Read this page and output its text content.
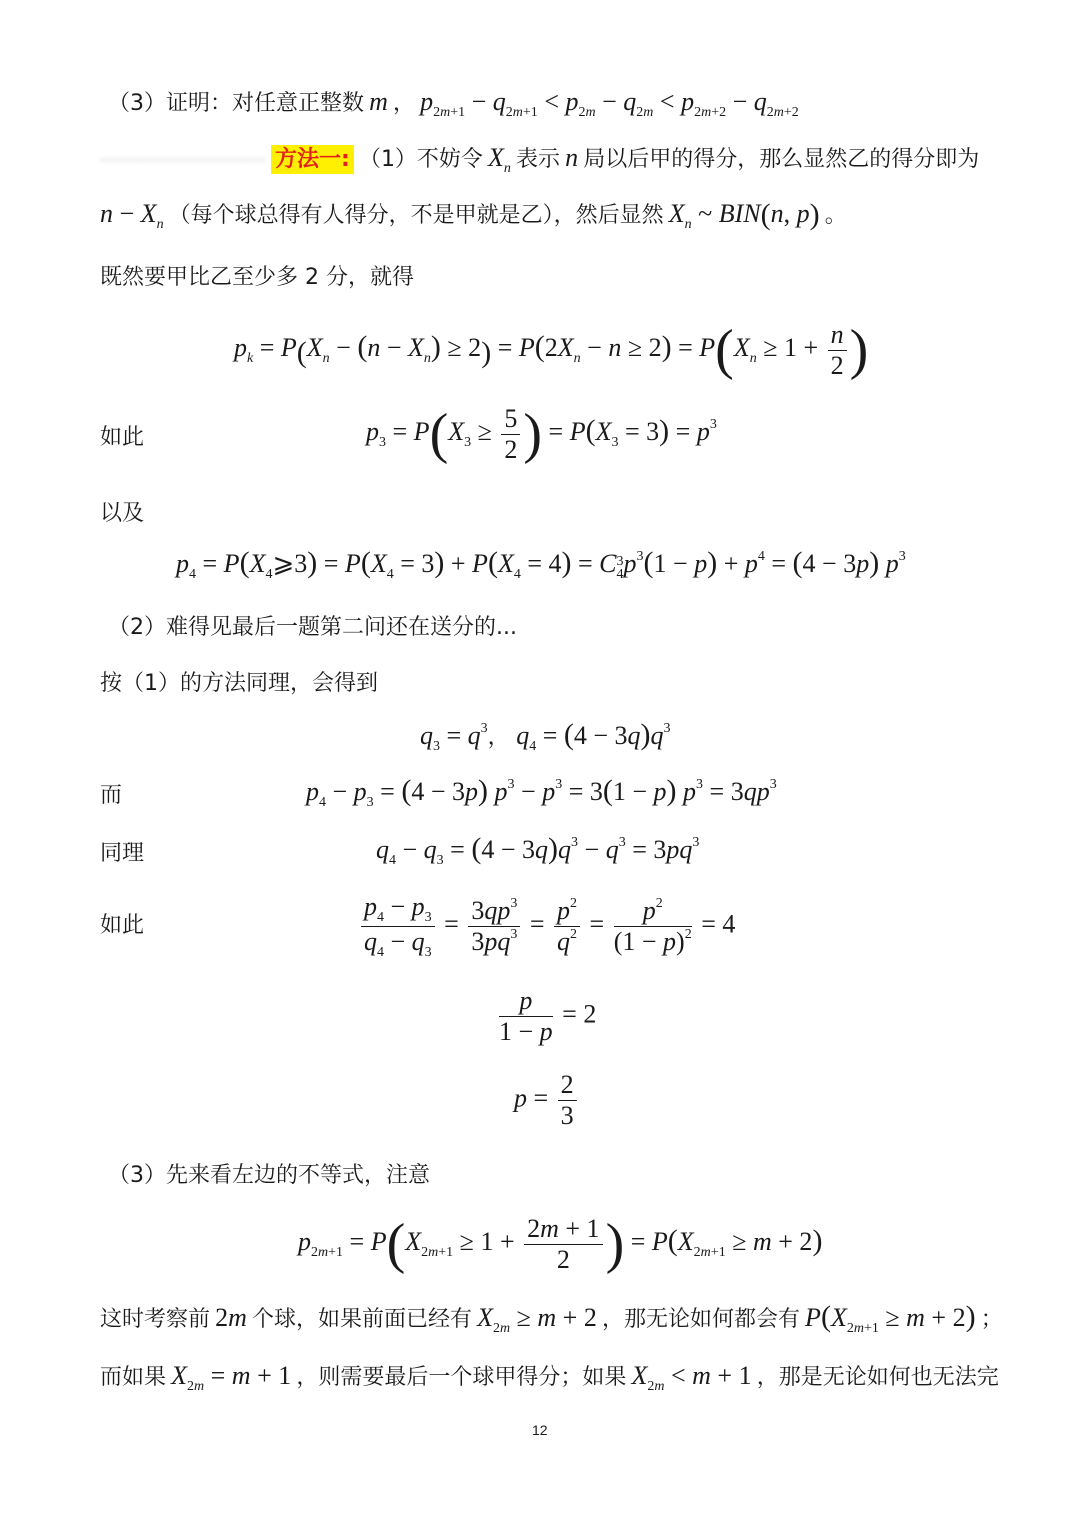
（3）证明：对任意正整数 m ， $p_{2m+1} - q_{2m+1} < p_{2m} - q_{2m} < p_{2m+2} - q_{2m+2}$
····························· 方法一: （1）不妨令 $X_n$ 表示 n 局以后甲的得分，那么显然乙的得分即为
$n - X_n$ （每个球总得有人得分，不是甲就是乙），然后显然 $X_n$ ~ BIN(n, p) 。
既然要甲比乙至少多 2 分，就得
$p_k = P(X_n - (n - X_n) \ge 2) = P(2X_n - n \ge 2) = P(X_n \ge 1 + \frac{n}{2}$ )
如此	$p_3 = P(X_3 \ge \frac{5}{2}$ ) = $P(X_3 = 3) = p^3$
以及
$p_4$ = $P(X_4⩾3) = P(X_4 = 3) + P(X_4 = 4) = C$ 3
4 $p^3(1 - p) + p^4 = (4 - 3p)$ $p^3$
（2）难得见最后一题第二问还在送分的...
按（1）的方法同理，会得到
$q_3 = q^3$， $q_4 = (4 - 3q)q^3$
而	$p_4 - p_3 = (4 - 3p) p^3 - p^3 = 3(1 - p) p^3 = 3qp^3$
同理	$q_4 - q_3 = (4 - 3q)q^3 - q^3 = 3pq^3$
如此	$\frac{p_4 - p_3}{q_4 - q_3} = \frac{3qp^3}{3pq^3} = \frac{p^2}{q^2} = \frac{p^2}{(1 - p)^2} = 4$
$\frac{p}{1 - p} = 2$
$p = \frac{2}{3}$
（3）先来看左边的不等式，注意
$p_{2m+1} = P(X_{2m+1} \ge 1 + \frac{2m + 1}{2}$ ) = $P(X_{2m+1} \ge m + 2)$
这时考察前 2m 个球，如果前面已经有 $X_{2m} \ge m + 2$ ，那无论如何都会有 $P(X_{2m+1} \ge m + 2)$ ；
而如果 $X_{2m} = m + 1$ ，则需要最后一个球甲得分；如果 $X_{2m} < m + 1$ ，那是无论如何也无法完
12
